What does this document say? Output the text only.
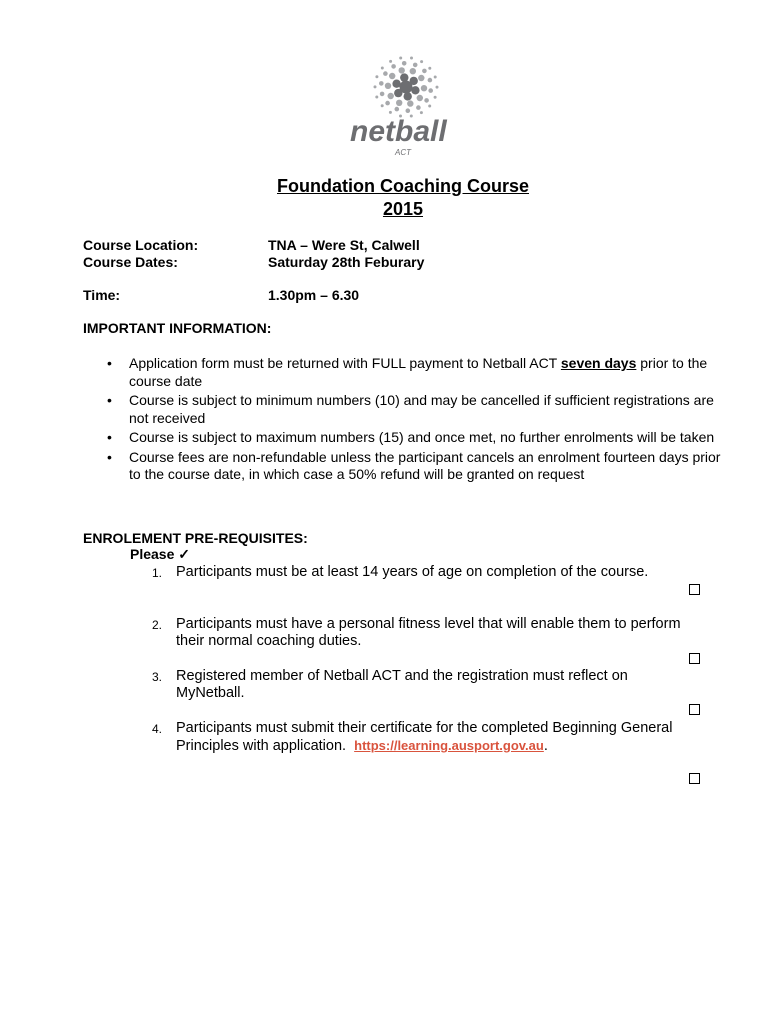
netball
ACT
Foundation Coaching Course
2015
Course Location:	TNA – Were St, Calwell
Course Dates:	Saturday 28th Feburary
Time:	1.30pm – 6.30
IMPORTANT INFORMATION:
• Application form must be returned with FULL payment to Netball ACT seven days prior to the course date
• Course is subject to minimum numbers (10) and may be cancelled if sufficient registrations are not received
• Course is subject to maximum numbers (15) and once met, no further enrolments will be taken
• Course fees are non-refundable unless the participant cancels an enrolment fourteen days prior to the course date, in which case a 50% refund will be granted on request
ENROLEMENT PRE-REQUISITES:
Please ✓
1. Participants must be at least 14 years of age on completion of the course.
2. Participants must have a personal fitness level that will enable them to perform
their normal coaching duties.
3. Registered member of Netball ACT and the registration must reflect on
MyNetball.
4. Participants must submit their certificate for the completed Beginning General
Principles with application. https://learning.ausport.gov.au.
